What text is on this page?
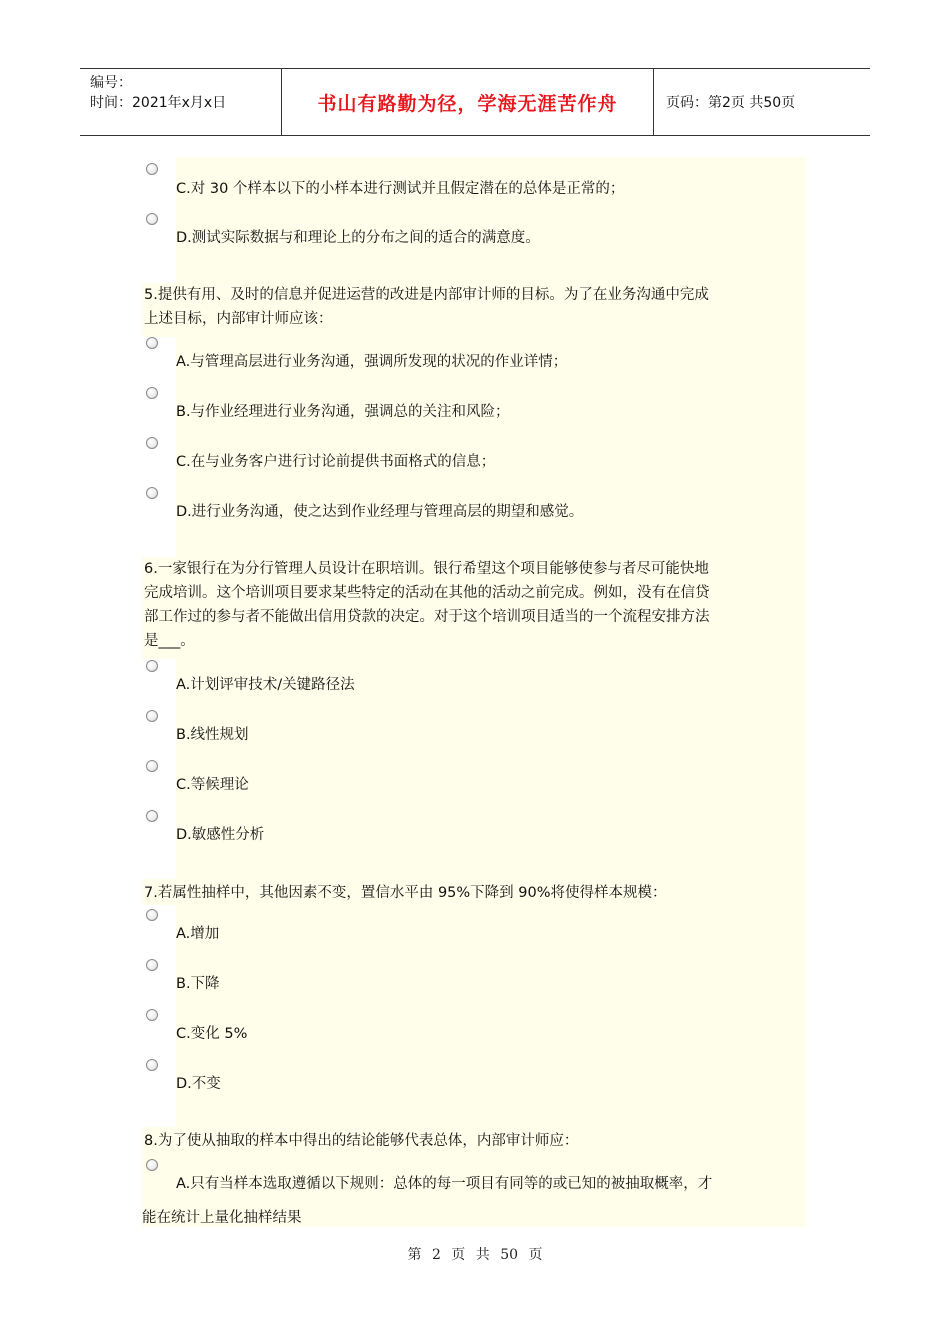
编号：
时间：2021年x月x日	书山有路勤为径，学海无涯苦作舟	页码：第2页 共50页
C.对 30 个样本以下的小样本进行测试并且假定潜在的总体是正常的；
D.测试实际数据与和理论上的分布之间的适合的满意度。
5.提供有用、及时的信息并促进运营的改进是内部审计师的目标。为了在业务沟通中完成
上述目标，内部审计师应该：
A.与管理高层进行业务沟通，强调所发现的状况的作业详情；
B.与作业经理进行业务沟通，强调总的关注和风险；
C.在与业务客户进行讨论前提供书面格式的信息；
D.进行业务沟通，使之达到作业经理与管理高层的期望和感觉。
6.一家银行在为分行管理人员设计在职培训。银行希望这个项目能够使参与者尽可能快地
完成培训。这个培训项目要求某些特定的活动在其他的活动之前完成。例如，没有在信贷
部工作过的参与者不能做出信用贷款的决定。对于这个培训项目适当的一个流程安排方法
是___。
A.计划评审技术/关键路径法
B.线性规划
C.等候理论
D.敏感性分析
7.若属性抽样中，其他因素不变，置信水平由 95%下降到 90%将使得样本规模：
A.增加
B.下降
C.变化 5%
D.不变
8.为了使从抽取的样本中得出的结论能够代表总体，内部审计师应：
A.只有当样本选取遵循以下规则：总体的每一项目有同等的或已知的被抽取概率，才
能在统计上量化抽样结果
第 2 页 共 50 页
